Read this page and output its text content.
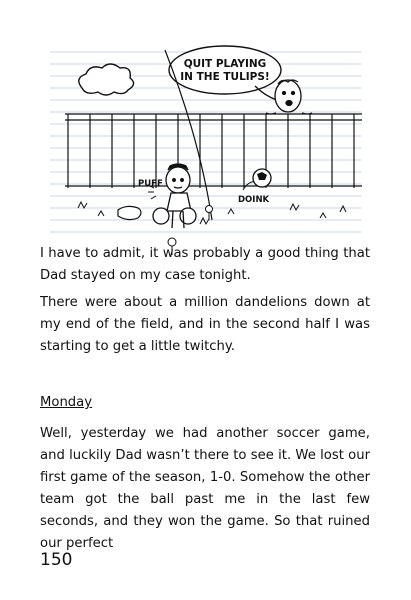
QUIT PLAYING
IN THE TULIPS!
DOINK
PUFF

I have to admit, it was probably a good thing that Dad stayed on my case tonight.

There were about a million dandelions down at my end of the field, and in the second half I was starting to get a little twitchy.

Monday

Well, yesterday we had another soccer game, and luckily Dad wasn’t there to see it. We lost our first game of the season, 1-0. Somehow the other team got the ball past me in the last few seconds, and they won the game. So that ruined our perfect

150
